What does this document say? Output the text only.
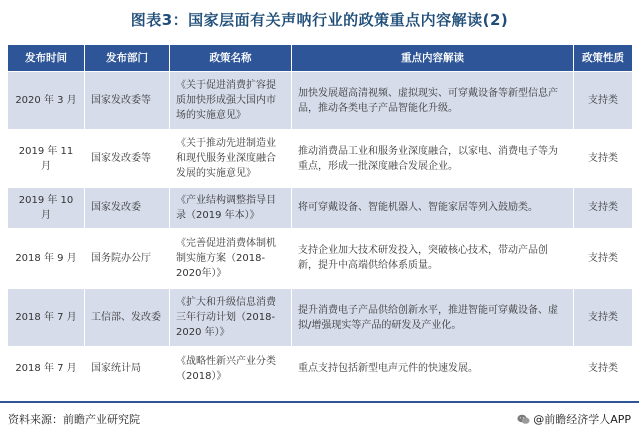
图表3：国家层面有关声呐行业的政策重点内容解读(2)
发布时间	发布部门	政策名称	重点内容解读	政策性质
2020 年 3 月	国家发改委等	《关于促进消费扩容提质加快形成强大国内市场的实施意见》	加快发展超高清视频、虚拟现实、可穿戴设备等新型信息产品，推动各类电子产品智能化升级。	支持类
2019 年 11 月	国家发改委等	《关于推动先进制造业和现代服务业深度融合发展的实施意见》	推动消费品工业和服务业深度融合，以家电、消费电子等为重点，形成一批深度融合发展企业。	支持类
2019 年 10 月	国家发改委	《产业结构调整指导目录（2019 年本）》	将可穿戴设备、智能机器人、智能家居等列入鼓励类。	支持类
2018 年 9 月	国务院办公厅	《完善促进消费体制机制实施方案（2018-2020年）》	支持企业加大技术研发投入，突破核心技术，带动产品创新，提升中高端供给体系质量。	支持类
2018 年 7 月	工信部、发改委	《扩大和升级信息消费三年行动计划（2018-2020 年）》	提升消费电子产品供给创新水平，推进智能可穿戴设备、虚拟/增强现实等产品的研发及产业化。	支持类
2018 年 7 月	国家统计局	《战略性新兴产业分类（2018）》	重点支持包括新型电声元件的快速发展。	支持类
资料来源：前瞻产业研究院	@前瞻经济学人APP
